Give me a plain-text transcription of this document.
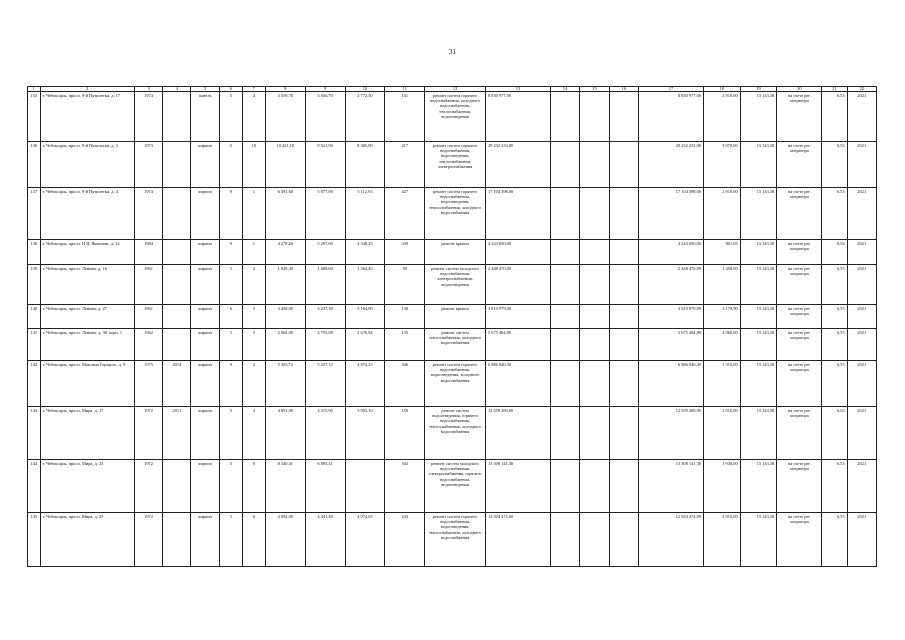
31
1	2	3	4	5	6	7	8	9	10	11	12	13	14	15	16	17	18	19	20	21	22
135	г. Чебоксары, просп. 9-й Пятилетки, д. 17	1974		панель	5	4	3 359,70	3 036,70	2 772,50	141	ремонт систем горячего водоснабжения, холодного водоснабжения, теплоснабжения, водоотведения	8 830 977,00				8 830 977,00	2 910,00	15 143,38	на счете рег. оператора	6,53	2021
136	г. Чебоксары, просп. 9-й Пятилетки, д. 3	1973		кирпич	5	10	10 421,10	9 521,90	8 365,80	417	ремонт систем горячего водоснабжения, водоотведения, теплоснабжения, электроснабжения	29 232 233,00				29 232 233,00	3 070,00	15 143,38	на счете рег. оператора	6,53	2021
137	г. Чебоксары, просп. 9-й Пятилетки, д. 4	1974		кирпич	9	1	6 391,60	5 877,80	5 112,93	427	ремонт систем горячего водоснабжения, водоотведения, теплоснабжения, холодного водоснабжения	17 104 398,00				17 104 398,00	2 910,00	15 143,38	на счете рег. оператора	6,53	2021
138	г. Чебоксары, просп. И.Я. Яковлева, д. 14	1984		кирпич	9	1	4 278,20	5 297,60	4 348,25	349	ремонт крыши	4 243 650,00				4 243 650,00	801,05	15 143,38	на счете рег. оператора	6,53	2021
139	г. Чебоксары, просп. Ленина, д. 16	1961		кирпич	5	2	1 849,40	1 688,60	1 362,40	50	ремонт систем холодного водоснабжения, электроснабжения, водоотведения	2 448 470,00				2 448 470,00	1 450,00	15 143,38	на счете рег. оператора	6,53	2021
140	г. Чебоксары, просп. Ленина, д. 27	1961		кирпич	6	3	3 458,90	3 237,30	3 164,00	138	ремонт крыши	3 819 979,00				3 819 979,00	1 179,90	15 143,38	на счете рег. оператора	6,53	2021
141	г. Чебоксары, просп. Ленина, д. 38, корп. 1	1962		кирпич	5	3	2 964,00	2 755,08	2 678,84	135	ремонт систем теплоснабжения, холодного водоснабжения	5 675 464,80				5 675 464,80	2 060,00	15 143,38	на счете рег. оператора	6,53	2021
142	г. Чебоксары, просп. Максима Горького, д. 9	1975	2014	кирпич	9	2	5 303,72	5 257,12	4 874,23	346	ремонт систем горячего водоснабжения, водоотведения, холодного водоснабжения	6 886 840,30				6 886 840,30	1 310,00	15 143,38	на счете рег. оператора	6,53	2021
143	г. Чебоксары, просп. Мира, д. 17	1972	2011	кирпич	5	4	4 691,00	4 315,90	3 903,10	159	ремонт систем водоотведения, горячего водоснабжения, теплоснабжения, холодного водоснабжения	12 559 269,00				12 559 269,00	2 910,00	15 143,38	на счете рег. оператора	6,53	2021
144	г. Чебоксары, просп. Мира, д. 23	1972		кирпич	5	9	8 340,41	6 895,41		343	ремонт систем холодного водоснабжения, электроснабжения, горячего водоснабжения, водоотведения	13 308 141,30				13 308 141,30	1 930,00	15 143,38	на счете рег. оператора	6,53	2021
145	г. Чебоксары, просп. Мира, д. 25	1972		кирпич	5	6	4 892,00	4 441,40	4 074,65	243	ремонт систем горячего водоснабжения, водоотведения, теплоснабжения, холодного водоснабжения	12 924 474,00				12 924 474,00	2 910,00	15 143,38	на счете рег. оператора	6,53	2021
